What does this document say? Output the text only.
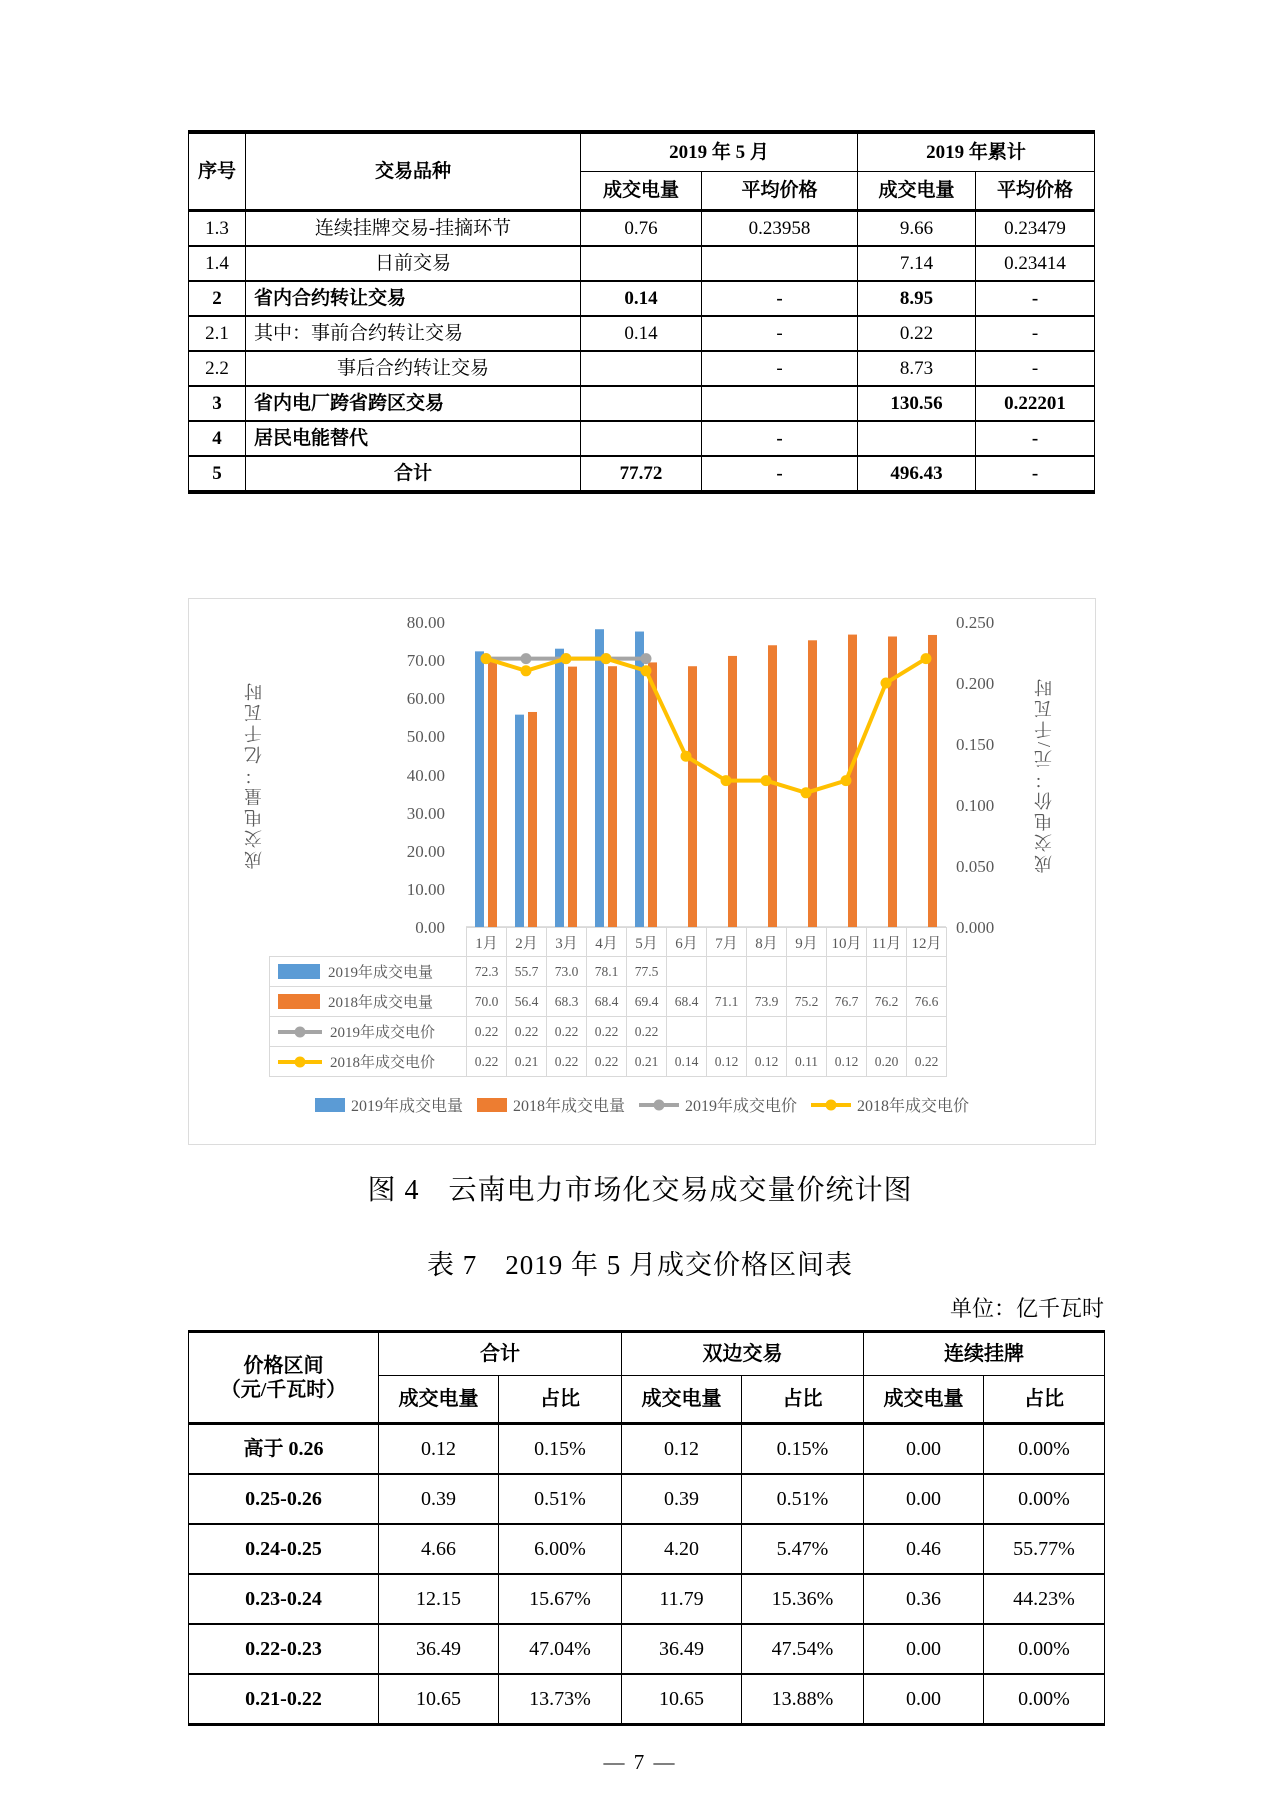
序号	交易品种	2019 年 5 月		2019 年累计	
		成交电量	平均价格	成交电量	平均价格
1.3	连续挂牌交易-挂摘环节	0.76	0.23958	9.66	0.23479
1.4	日前交易			7.14	0.23414
2	省内合约转让交易	0.14	-	8.95	-
2.1	其中：事前合约转让交易	0.14	-	0.22	-
2.2	事后合约转让交易		-	8.73	-
3	省内电厂跨省跨区交易			130.56	0.22201
4	居民电能替代		-		-
5	合计	77.72	-	496.43	-
成交电量：亿千瓦时
80.00
70.00
60.00
50.00
40.00
30.00
20.00
10.00
0.00
0.250
0.200
0.150
0.100
0.050
0.000
成交电价：元/千瓦时
1月	2月	3月	4月	5月	6月	7月	8月	9月 10月 11月 12月
2019年成交电量	72.3	55.7	73.0	78.1	77.5
2018年成交电量	70.0	56.4	68.3	68.4	69.4	68.4	71.1	73.9	75.2	76.7	76.2	76.6
2019年成交电价	0.22	0.22	0.22	0.22	0.22
2018年成交电价	0.22	0.21	0.22	0.22	0.21	0.14	0.12	0.12	0.11	0.12	0.20	0.22
2019年成交电量	2018年成交电量	2019年成交电价	2018年成交电价
图 4　云南电力市场化交易成交量价统计图
表 7　2019 年 5 月成交价格区间表
单位：亿千瓦时
价格区间
（元/千瓦时）	合计		双边交易		连续挂牌	
	成交电量	占比	成交电量	占比	成交电量	占比
高于 0.26	0.12	0.15%	0.12	0.15%	0.00	0.00%
0.25-0.26	0.39	0.51%	0.39	0.51%	0.00	0.00%
0.24-0.25	4.66	6.00%	4.20	5.47%	0.46	55.77%
0.23-0.24	12.15	15.67%	11.79	15.36%	0.36	44.23%
0.22-0.23	36.49	47.04%	36.49	47.54%	0.00	0.00%
0.21-0.22	10.65	13.73%	10.65	13.88%	0.00	0.00%
— 7 —
